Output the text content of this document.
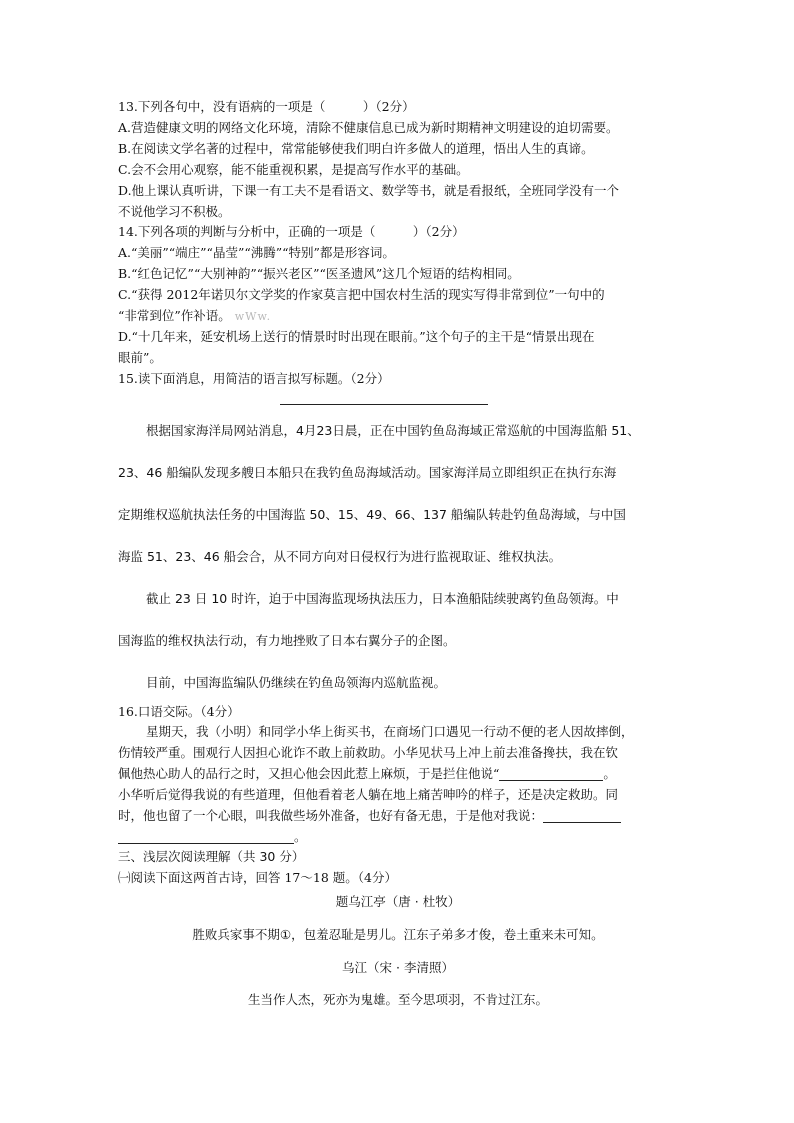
13.下列各句中，没有语病的一项是（　　　）（2分）
A.营造健康文明的网络文化环境，清除不健康信息已成为新时期精神文明建设的迫切需要。
B.在阅读文学名著的过程中，常常能够使我们明白许多做人的道理，悟出人生的真谛。
C.会不会用心观察，能不能重视积累，是提高写作水平的基础。
D.他上课认真听讲，下课一有工夫不是看语文、数学等书，就是看报纸，全班同学没有一个
不说他学习不积极。
14.下列各项的判断与分析中，正确的一项是（　　　）（2分）
A.“美丽”“端庄”“晶莹”“沸腾”“特别”都是形容词。
B.“红色记忆”“大别神韵”“振兴老区”“医圣遗风”这几个短语的结构相同。
C.“获得 2012年诺贝尔文学奖的作家莫言把中国农村生活的现实写得非常到位”一句中的
“非常到位”作补语。 wWw.
D.“十几年来，延安机场上送行的情景时时出现在眼前。”这个句子的主干是“情景出现在
眼前”。
15.读下面消息，用简洁的语言拟写标题。（2分）
根据国家海洋局网站消息，4月23日晨，正在中国钓鱼岛海域正常巡航的中国海监船 51、
23、46 船编队发现多艘日本船只在我钓鱼岛海域活动。国家海洋局立即组织正在执行东海
定期维权巡航执法任务的中国海监 50、15、49、66、137 船编队转赴钓鱼岛海域，与中国
海监 51、23、46 船会合，从不同方向对日侵权行为进行监视取证、维权执法。
截止 23 日 10 时许，迫于中国海监现场执法压力，日本渔船陆续驶离钓鱼岛领海。中
国海监的维权执法行动，有力地挫败了日本右翼分子的企图。
目前，中国海监编队仍继续在钓鱼岛领海内巡航监视。
16.口语交际。（4分）
星期天，我（小明）和同学小华上街买书，在商场门口遇见一行动不便的老人因故摔倒，
伤情较严重。围观行人因担心讹诈不敢上前救助。小华见状马上冲上前去准备搀扶，我在钦
佩他热心助人的品行之时，又担心他会因此惹上麻烦，于是拦住他说“	。
小华听后觉得我说的有些道理，但他看着老人躺在地上痛苦呻吟的样子，还是决定救助。同
时，他也留了一个心眼，叫我做些场外准备，也好有备无患，于是他对我说：
。
三、浅层次阅读理解（共 30 分）
㈠阅读下面这两首古诗，回答 17～18 题。（4分）
题乌江亭（唐 · 杜牧）
胜败兵家事不期①，包羞忍耻是男儿。江东子弟多才俊，卷土重来未可知。
乌江（宋 · 李清照）
生当作人杰，死亦为鬼雄。至今思项羽，不肯过江东。
